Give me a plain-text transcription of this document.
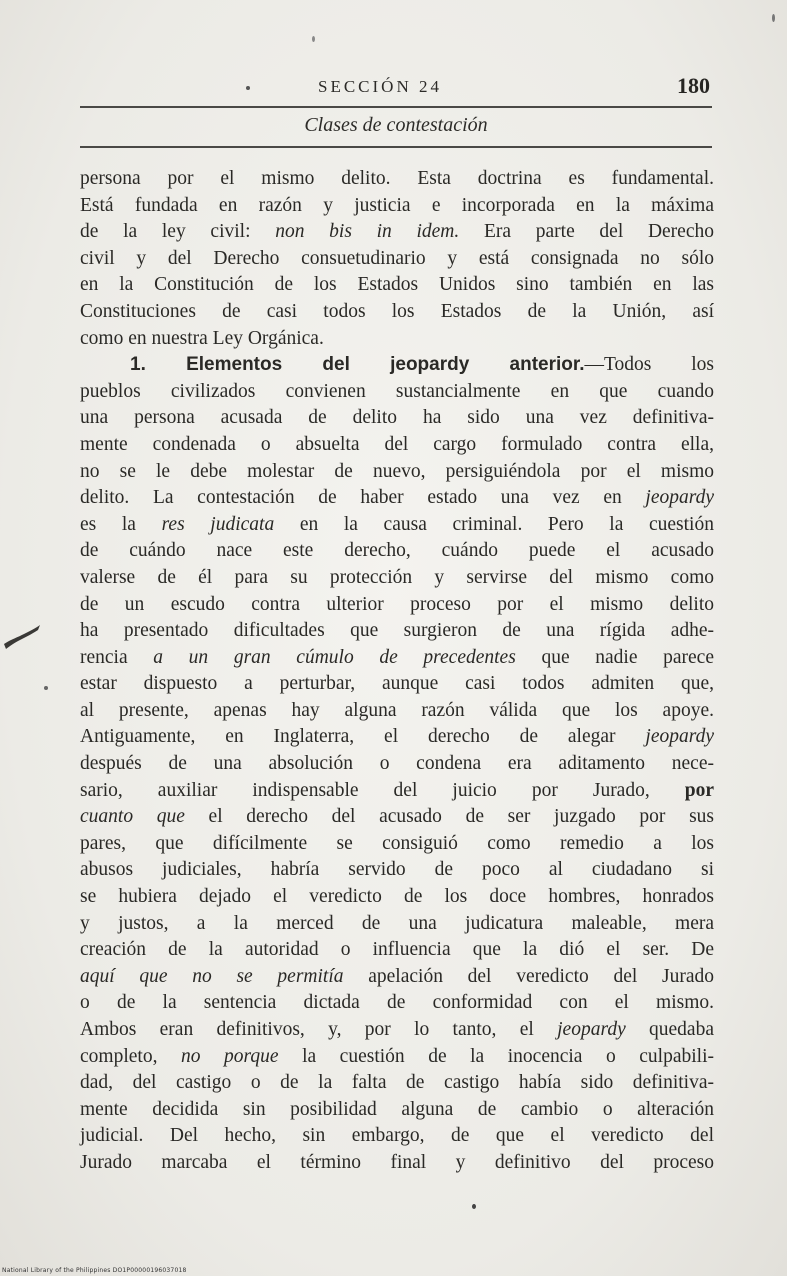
SECCIÓN 24	180
Clases de contestación
persona por el mismo delito. Esta doctrina es fundamental.
Está fundada en razón y justicia e incorporada en la máxima
de la ley civil: non bis in idem. Era parte del Derecho
civil y del Derecho consuetudinario y está consignada no sólo
en la Constitución de los Estados Unidos sino también en las
Constituciones de casi todos los Estados de la Unión, así
como en nuestra Ley Orgánica.
1. Elementos del jeopardy anterior.—Todos los
pueblos civilizados convienen sustancialmente en que cuando
una persona acusada de delito ha sido una vez definitiva-
mente condenada o absuelta del cargo formulado contra ella,
no se le debe molestar de nuevo, persiguiéndola por el mismo
delito. La contestación de haber estado una vez en jeopardy
es la res judicata en la causa criminal. Pero la cuestión
de cuándo nace este derecho, cuándo puede el acusado
valerse de él para su protección y servirse del mismo como
de un escudo contra ulterior proceso por el mismo delito
ha presentado dificultades que surgieron de una rígida adhe-
rencia a un gran cúmulo de precedentes que nadie parece
estar dispuesto a perturbar, aunque casi todos admiten que,
al presente, apenas hay alguna razón válida que los apoye.
Antiguamente, en Inglaterra, el derecho de alegar jeopardy
después de una absolución o condena era aditamento nece-
sario, auxiliar indispensable del juicio por Jurado, por
cuanto que el derecho del acusado de ser juzgado por sus
pares, que difícilmente se consiguió como remedio a los
abusos judiciales, habría servido de poco al ciudadano si
se hubiera dejado el veredicto de los doce hombres, honrados
y justos, a la merced de una judicatura maleable, mera
creación de la autoridad o influencia que la dió el ser. De
aquí que no se permitía apelación del veredicto del Jurado
o de la sentencia dictada de conformidad con el mismo.
Ambos eran definitivos, y, por lo tanto, el jeopardy quedaba
completo, no porque la cuestión de la inocencia o culpabili-
dad, del castigo o de la falta de castigo había sido definitiva-
mente decidida sin posibilidad alguna de cambio o alteración
judicial. Del hecho, sin embargo, de que el veredicto del
Jurado marcaba el término final y definitivo del proceso
National Library of the Philippines DO1P00000196037018
